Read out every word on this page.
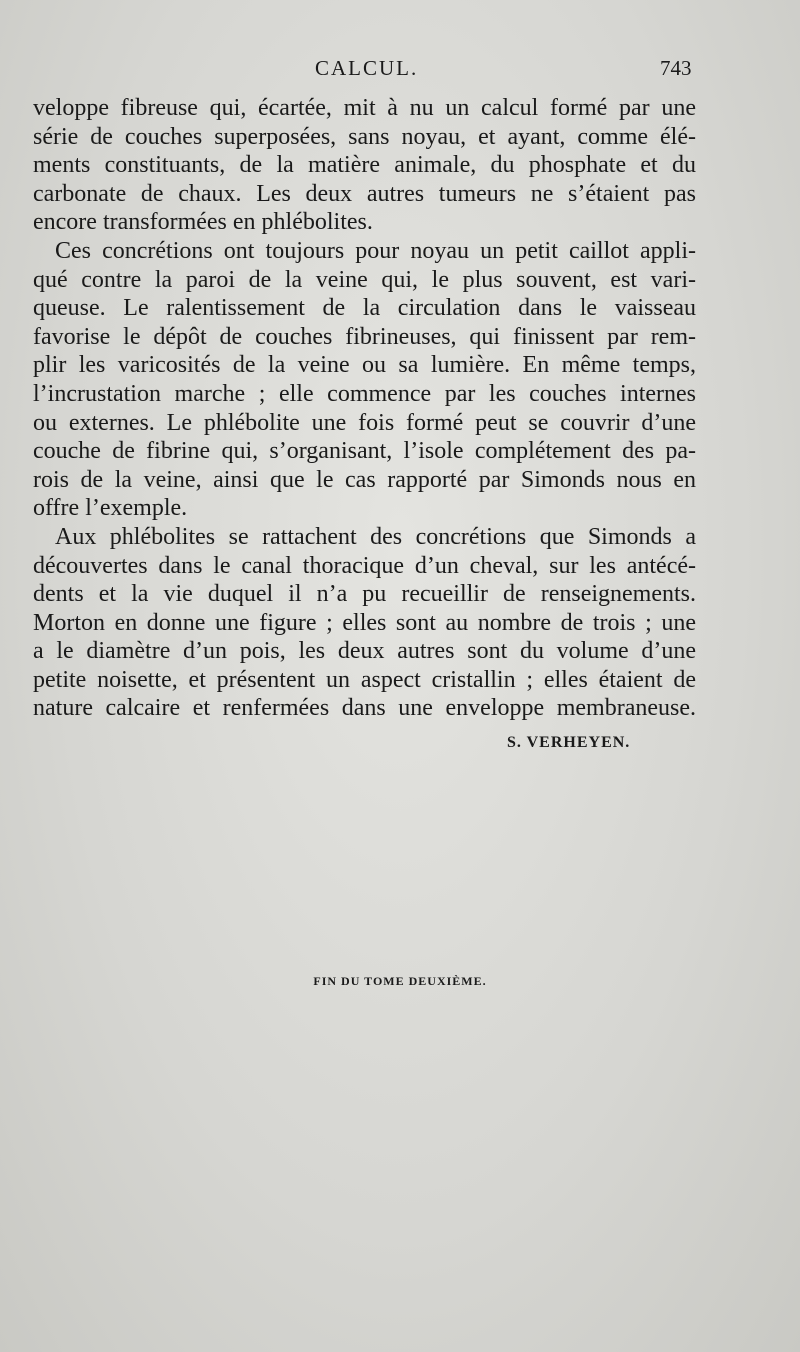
CALCUL.	743
veloppe fibreuse qui, écartée, mit à nu un calcul formé par une
série de couches superposées, sans noyau, et ayant, comme élé-
ments constituants, de la matière animale, du phosphate et du
carbonate de chaux. Les deux autres tumeurs ne s’étaient pas
encore transformées en phlébolites.
Ces concrétions ont toujours pour noyau un petit caillot appli-
qué contre la paroi de la veine qui, le plus souvent, est vari-
queuse. Le ralentissement de la circulation dans le vaisseau
favorise le dépôt de couches fibrineuses, qui finissent par rem-
plir les varicosités de la veine ou sa lumière. En même temps,
l’incrustation marche ; elle commence par les couches internes
ou externes. Le phlébolite une fois formé peut se couvrir d’une
couche de fibrine qui, s’organisant, l’isole complétement des pa-
rois de la veine, ainsi que le cas rapporté par Simonds nous en
offre l’exemple.
Aux phlébolites se rattachent des concrétions que Simonds a
découvertes dans le canal thoracique d’un cheval, sur les antécé-
dents et la vie duquel il n’a pu recueillir de renseignements.
Morton en donne une figure ; elles sont au nombre de trois ; une
a le diamètre d’un pois, les deux autres sont du volume d’une
petite noisette, et présentent un aspect cristallin ; elles étaient de
nature calcaire et renfermées dans une enveloppe membraneuse.
S. VERHEYEN.
FIN DU TOME DEUXIÈME.
